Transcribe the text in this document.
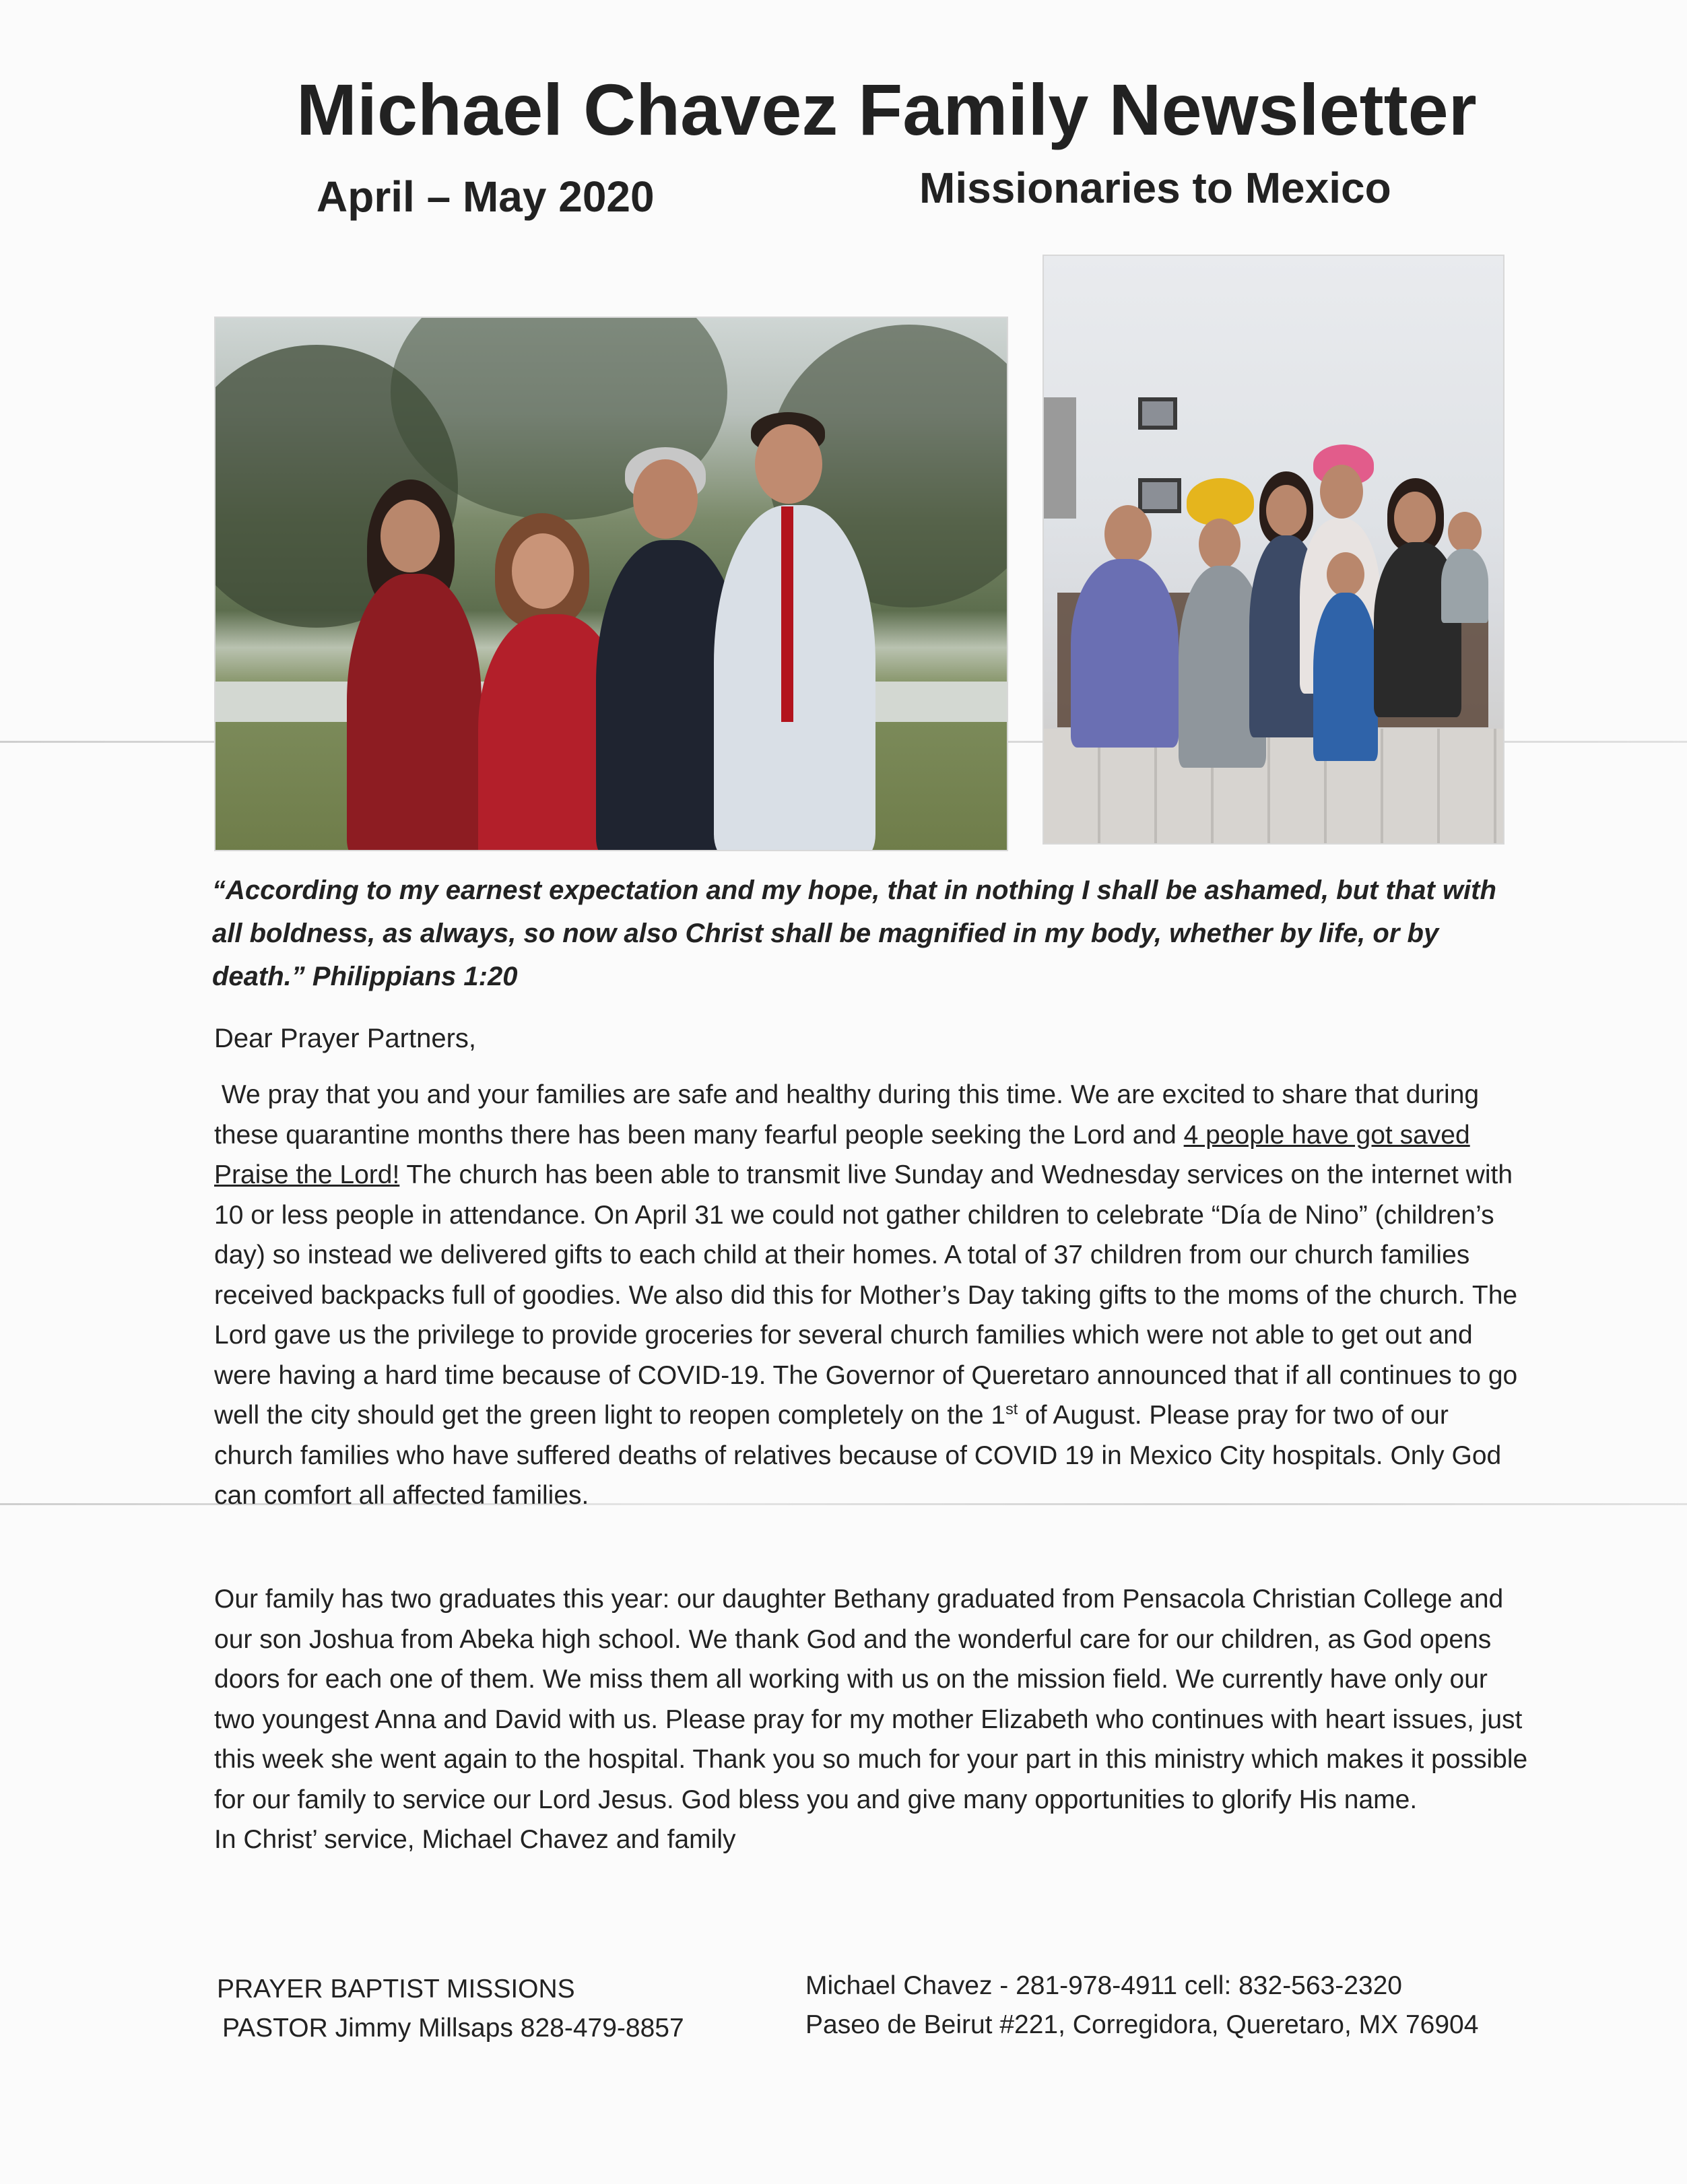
Michael Chavez Family Newsletter
April – May 2020	Missionaries to Mexico
“According to my earnest expectation and my hope, that in nothing I shall be ashamed, but that with all boldness, as always, so now also Christ shall be magnified in my body, whether by life, or by death.” Philippians 1:20
Dear Prayer Partners,
We pray that you and your families are safe and healthy during this time. We are excited to share that during these quarantine months there has been many fearful people seeking the Lord and 4 people have got saved Praise the Lord! The church has been able to transmit live Sunday and Wednesday services on the internet with 10 or less people in attendance. On April 31 we could not gather children to celebrate “Día de Nino” (children’s day) so instead we delivered gifts to each child at their homes. A total of 37 children from our church families received backpacks full of goodies. We also did this for Mother’s Day taking gifts to the moms of the church. The Lord gave us the privilege to provide groceries for several church families which were not able to get out and were having a hard time because of COVID-19. The Governor of Queretaro announced that if all continues to go well the city should get the green light to reopen completely on the 1st of August. Please pray for two of our church families who have suffered deaths of relatives because of COVID 19 in Mexico City hospitals. Only God can comfort all affected families.
Our family has two graduates this year: our daughter Bethany graduated from Pensacola Christian College and our son Joshua from Abeka high school. We thank God and the wonderful care for our children, as God opens doors for each one of them. We miss them all working with us on the mission field. We currently have only our two youngest Anna and David with us. Please pray for my mother Elizabeth who continues with heart issues, just this week she went again to the hospital. Thank you so much for your part in this ministry which makes it possible for our family to service our Lord Jesus. God bless you and give many opportunities to glorify His name.
In Christ’ service, Michael Chavez and family
PRAYER BAPTIST MISSIONS
PASTOR Jimmy Millsaps 828-479-8857
Michael Chavez - 281-978-4911 cell: 832-563-2320
Paseo de Beirut #221, Corregidora, Queretaro, MX 76904
